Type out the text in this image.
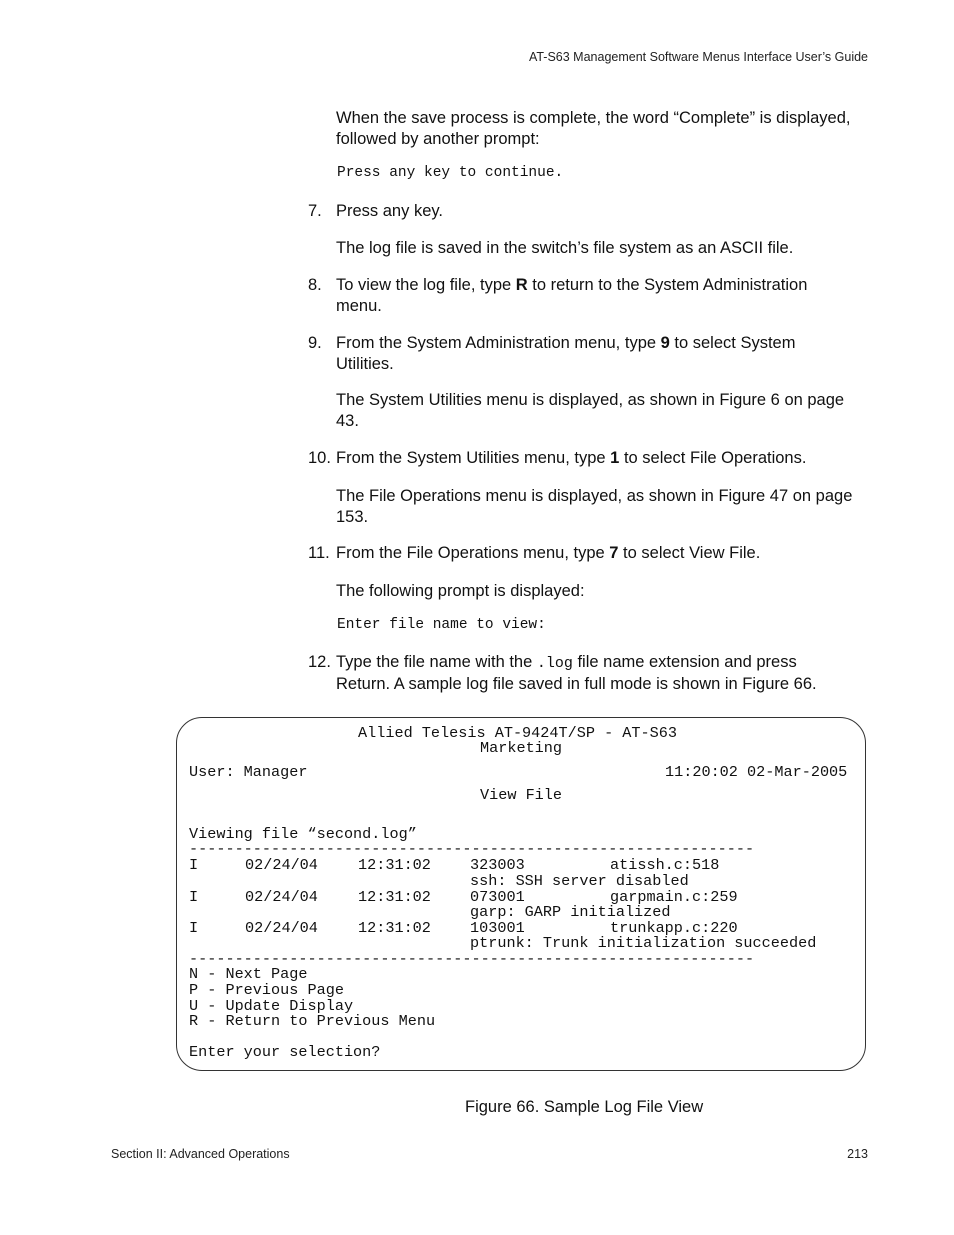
AT-S63 Management Software Menus Interface User’s Guide
When the save process is complete, the word “Complete” is displayed, followed by another prompt:
Press any key to continue.
7. Press any key.
The log file is saved in the switch’s file system as an ASCII file.
8. To view the log file, type R to return to the System Administration menu.
9. From the System Administration menu, type 9 to select System Utilities.
The System Utilities menu is displayed, as shown in Figure 6 on page 43.
10. From the System Utilities menu, type 1 to select File Operations.
The File Operations menu is displayed, as shown in Figure 47 on page 153.
11. From the File Operations menu, type 7 to select View File.
The following prompt is displayed:
Enter file name to view:
12. Type the file name with the .log file name extension and press Return. A sample log file saved in full mode is shown in Figure 66.
Allied Telesis AT-9424T/SP - AT-S63
Marketing
User: Manager	11:20:02 02-Mar-2005
View File
Viewing file “second.log”
--------------------------------------------------------------
I	02/24/04	12:31:02	323003	atissh.c:518
ssh: SSH server disabled
I	02/24/04	12:31:02	073001	garpmain.c:259
garp: GARP initialized
I	02/24/04	12:31:02	103001	trunkapp.c:220
ptrunk: Trunk initialization succeeded
--------------------------------------------------------------
N - Next Page
P - Previous Page
U - Update Display
R - Return to Previous Menu
Enter your selection?
Figure 66. Sample Log File View
Section II: Advanced Operations	213
